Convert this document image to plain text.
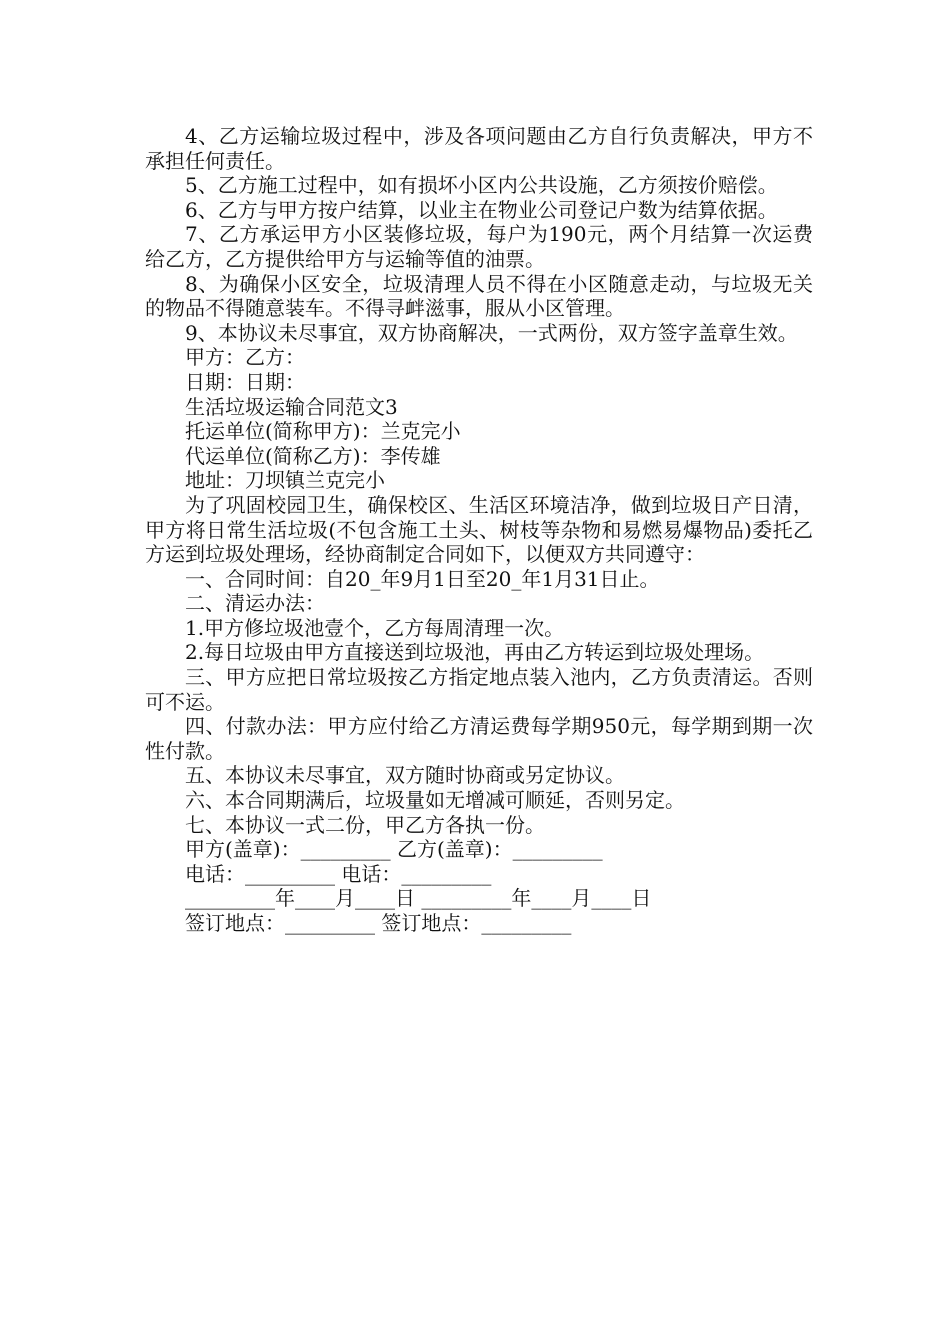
4、乙方运输垃圾过程中，涉及各项问题由乙方自行负责解决，甲方不承担任何责任。

5、乙方施工过程中，如有损坏小区内公共设施，乙方须按价赔偿。

6、乙方与甲方按户结算，以业主在物业公司登记户数为结算依据。

7、乙方承运甲方小区装修垃圾，每户为190元，两个月结算一次运费给乙方，乙方提供给甲方与运输等值的油票。

8、为确保小区安全，垃圾清理人员不得在小区随意走动，与垃圾无关的物品不得随意装车。不得寻衅滋事，服从小区管理。

9、本协议未尽事宜，双方协商解决，一式两份，双方签字盖章生效。

甲方：乙方：

日期：日期：

生活垃圾运输合同范文3

托运单位(简称甲方)：兰克完小

代运单位(简称乙方)：李传雄

地址：刀坝镇兰克完小

为了巩固校园卫生，确保校区、生活区环境洁净，做到垃圾日产日清，甲方将日常生活垃圾(不包含施工土头、树枝等杂物和易燃易爆物品)委托乙方运到垃圾处理场，经协商制定合同如下，以便双方共同遵守：

一、合同时间：自20_年9月1日至20_年1月31日止。

二、清运办法：

1.甲方修垃圾池壹个，乙方每周清理一次。

2.每日垃圾由甲方直接送到垃圾池，再由乙方转运到垃圾处理场。

三、甲方应把日常垃圾按乙方指定地点装入池内，乙方负责清运。否则可不运。

四、付款办法：甲方应付给乙方清运费每学期950元，每学期到期一次性付款。

五、本协议未尽事宜，双方随时协商或另定协议。

六、本合同期满后，垃圾量如无增减可顺延，否则另定。

七、本协议一式二份，甲乙方各执一份。

甲方(盖章)：_________ 乙方(盖章)：_________

电话：_________ 电话：_________

_________年____月____日 _________年____月____日

签订地点：_________ 签订地点：_________
